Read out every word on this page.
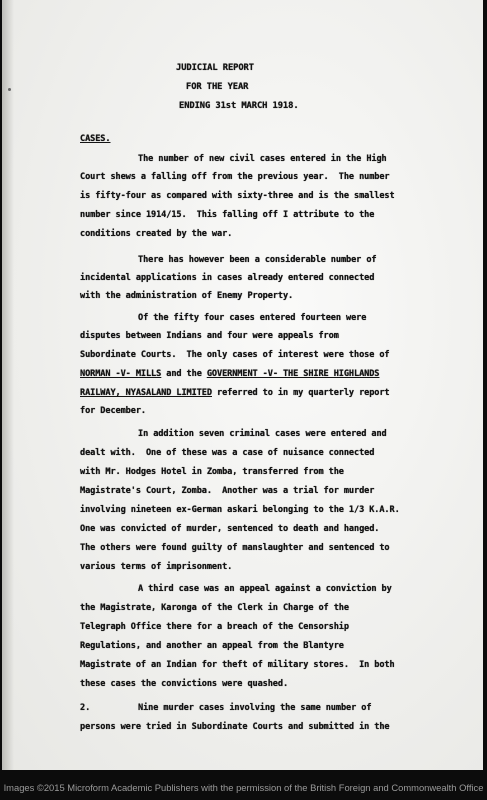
JUDICIAL REPORT
FOR THE YEAR
ENDING 31st MARCH 1918.
CASES.
The number of new civil cases entered in the High
Court shews a falling off from the previous year.  The number
is fifty-four as compared with sixty-three and is the smallest
number since 1914/15.  This falling off I attribute to the
conditions created by the war.
There has however been a considerable number of
incidental applications in cases already entered connected
with the administration of Enemy Property.
Of the fifty four cases entered fourteen were
disputes between Indians and four were appeals from
Subordinate Courts.  The only cases of interest were those of
NORMAN -V- MILLS and the GOVERNMENT -V- THE SHIRE HIGHLANDS
RAILWAY, NYASALAND LIMITED referred to in my quarterly report
for December.
In addition seven criminal cases were entered and
dealt with.  One of these was a case of nuisance connected
with Mr. Hodges Hotel in Zomba, transferred from the
Magistrate's Court, Zomba.  Another was a trial for murder
involving nineteen ex-German askari belonging to the 1/3 K.A.R.
One was convicted of murder, sentenced to death and hanged.
The others were found guilty of manslaughter and sentenced to
various terms of imprisonment.
A third case was an appeal against a conviction by
the Magistrate, Karonga of the Clerk in Charge of the
Telegraph Office there for a breach of the Censorship
Regulations, and another an appeal from the Blantyre
Magistrate of an Indian for theft of military stores.  In both
these cases the convictions were quashed.
2.	Nine murder cases involving the same number of
persons were tried in Subordinate Courts and submitted in the
Images ©2015 Microform Academic Publishers with the permission of the British Foreign and Commonwealth Office
